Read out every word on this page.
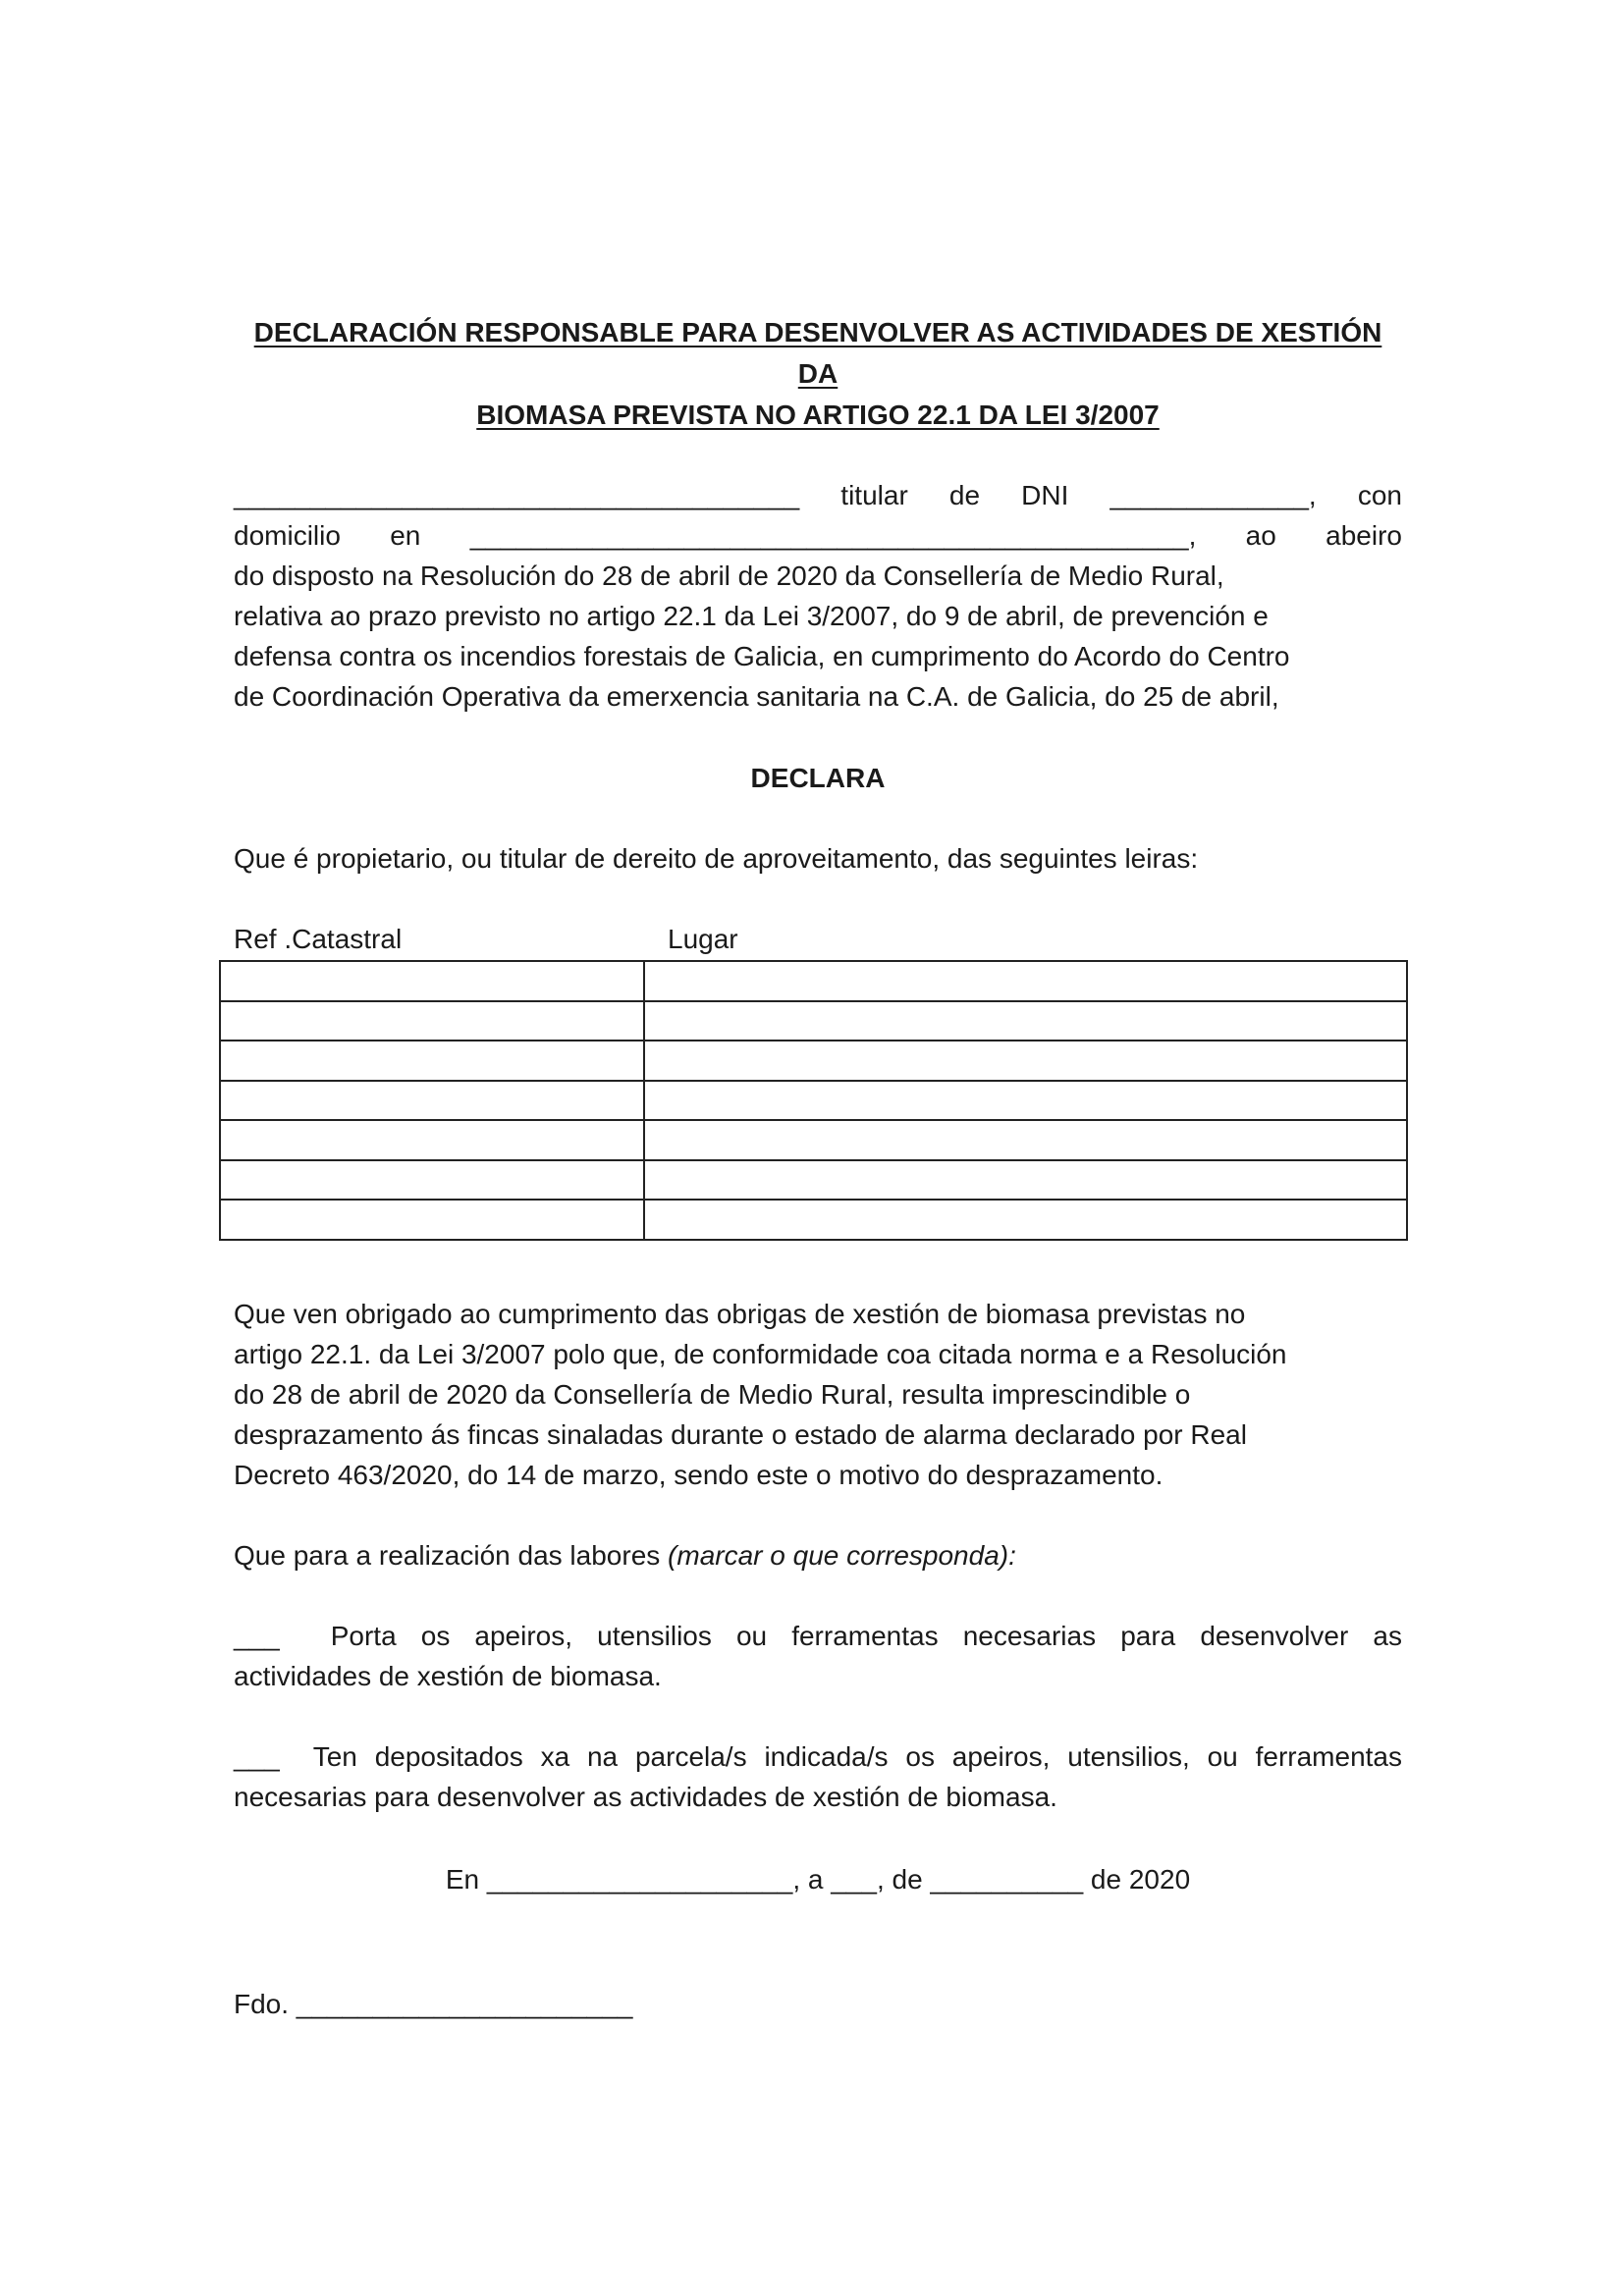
DECLARACIÓN RESPONSABLE PARA DESENVOLVER AS ACTIVIDADES DE XESTIÓN DA
BIOMASA PREVISTA NO ARTIGO 22.1 DA LEI 3/2007
_____________________________________ titular de DNI _____________, con
domicilio en _______________________________________________, ao abeiro
do disposto na Resolución do 28 de abril de 2020 da Consellería de Medio Rural,
relativa ao prazo previsto no artigo 22.1 da Lei 3/2007, do 9 de abril, de prevención e
defensa contra os incendios forestais de Galicia, en cumprimento do Acordo do Centro
de Coordinación Operativa da emerxencia sanitaria na C.A. de Galicia, do 25 de abril,

DECLARA

Que é propietario, ou titular de dereito de aproveitamento, das seguintes leiras:
Ref .Catastral	Lugar

Que ven obrigado ao cumprimento das obrigas de xestión de biomasa previstas no
artigo 22.1. da Lei 3/2007 polo que, de conformidade coa citada norma e a Resolución
do 28 de abril de 2020 da Consellería de Medio Rural, resulta imprescindible o
desprazamento ás fincas sinaladas durante o estado de alarma declarado por Real
Decreto 463/2020, do 14 de marzo, sendo este o motivo do desprazamento.
Que para a realización das labores (marcar o que corresponda):
___ Porta os apeiros, utensilios ou ferramentas necesarias para desenvolver as
actividades de xestión de biomasa.
___ Ten depositados xa na parcela/s indicada/s os apeiros, utensilios, ou ferramentas
necesarias para desenvolver as actividades de xestión de biomasa.
En ____________________, a ___, de __________ de 2020
Fdo. ______________________
